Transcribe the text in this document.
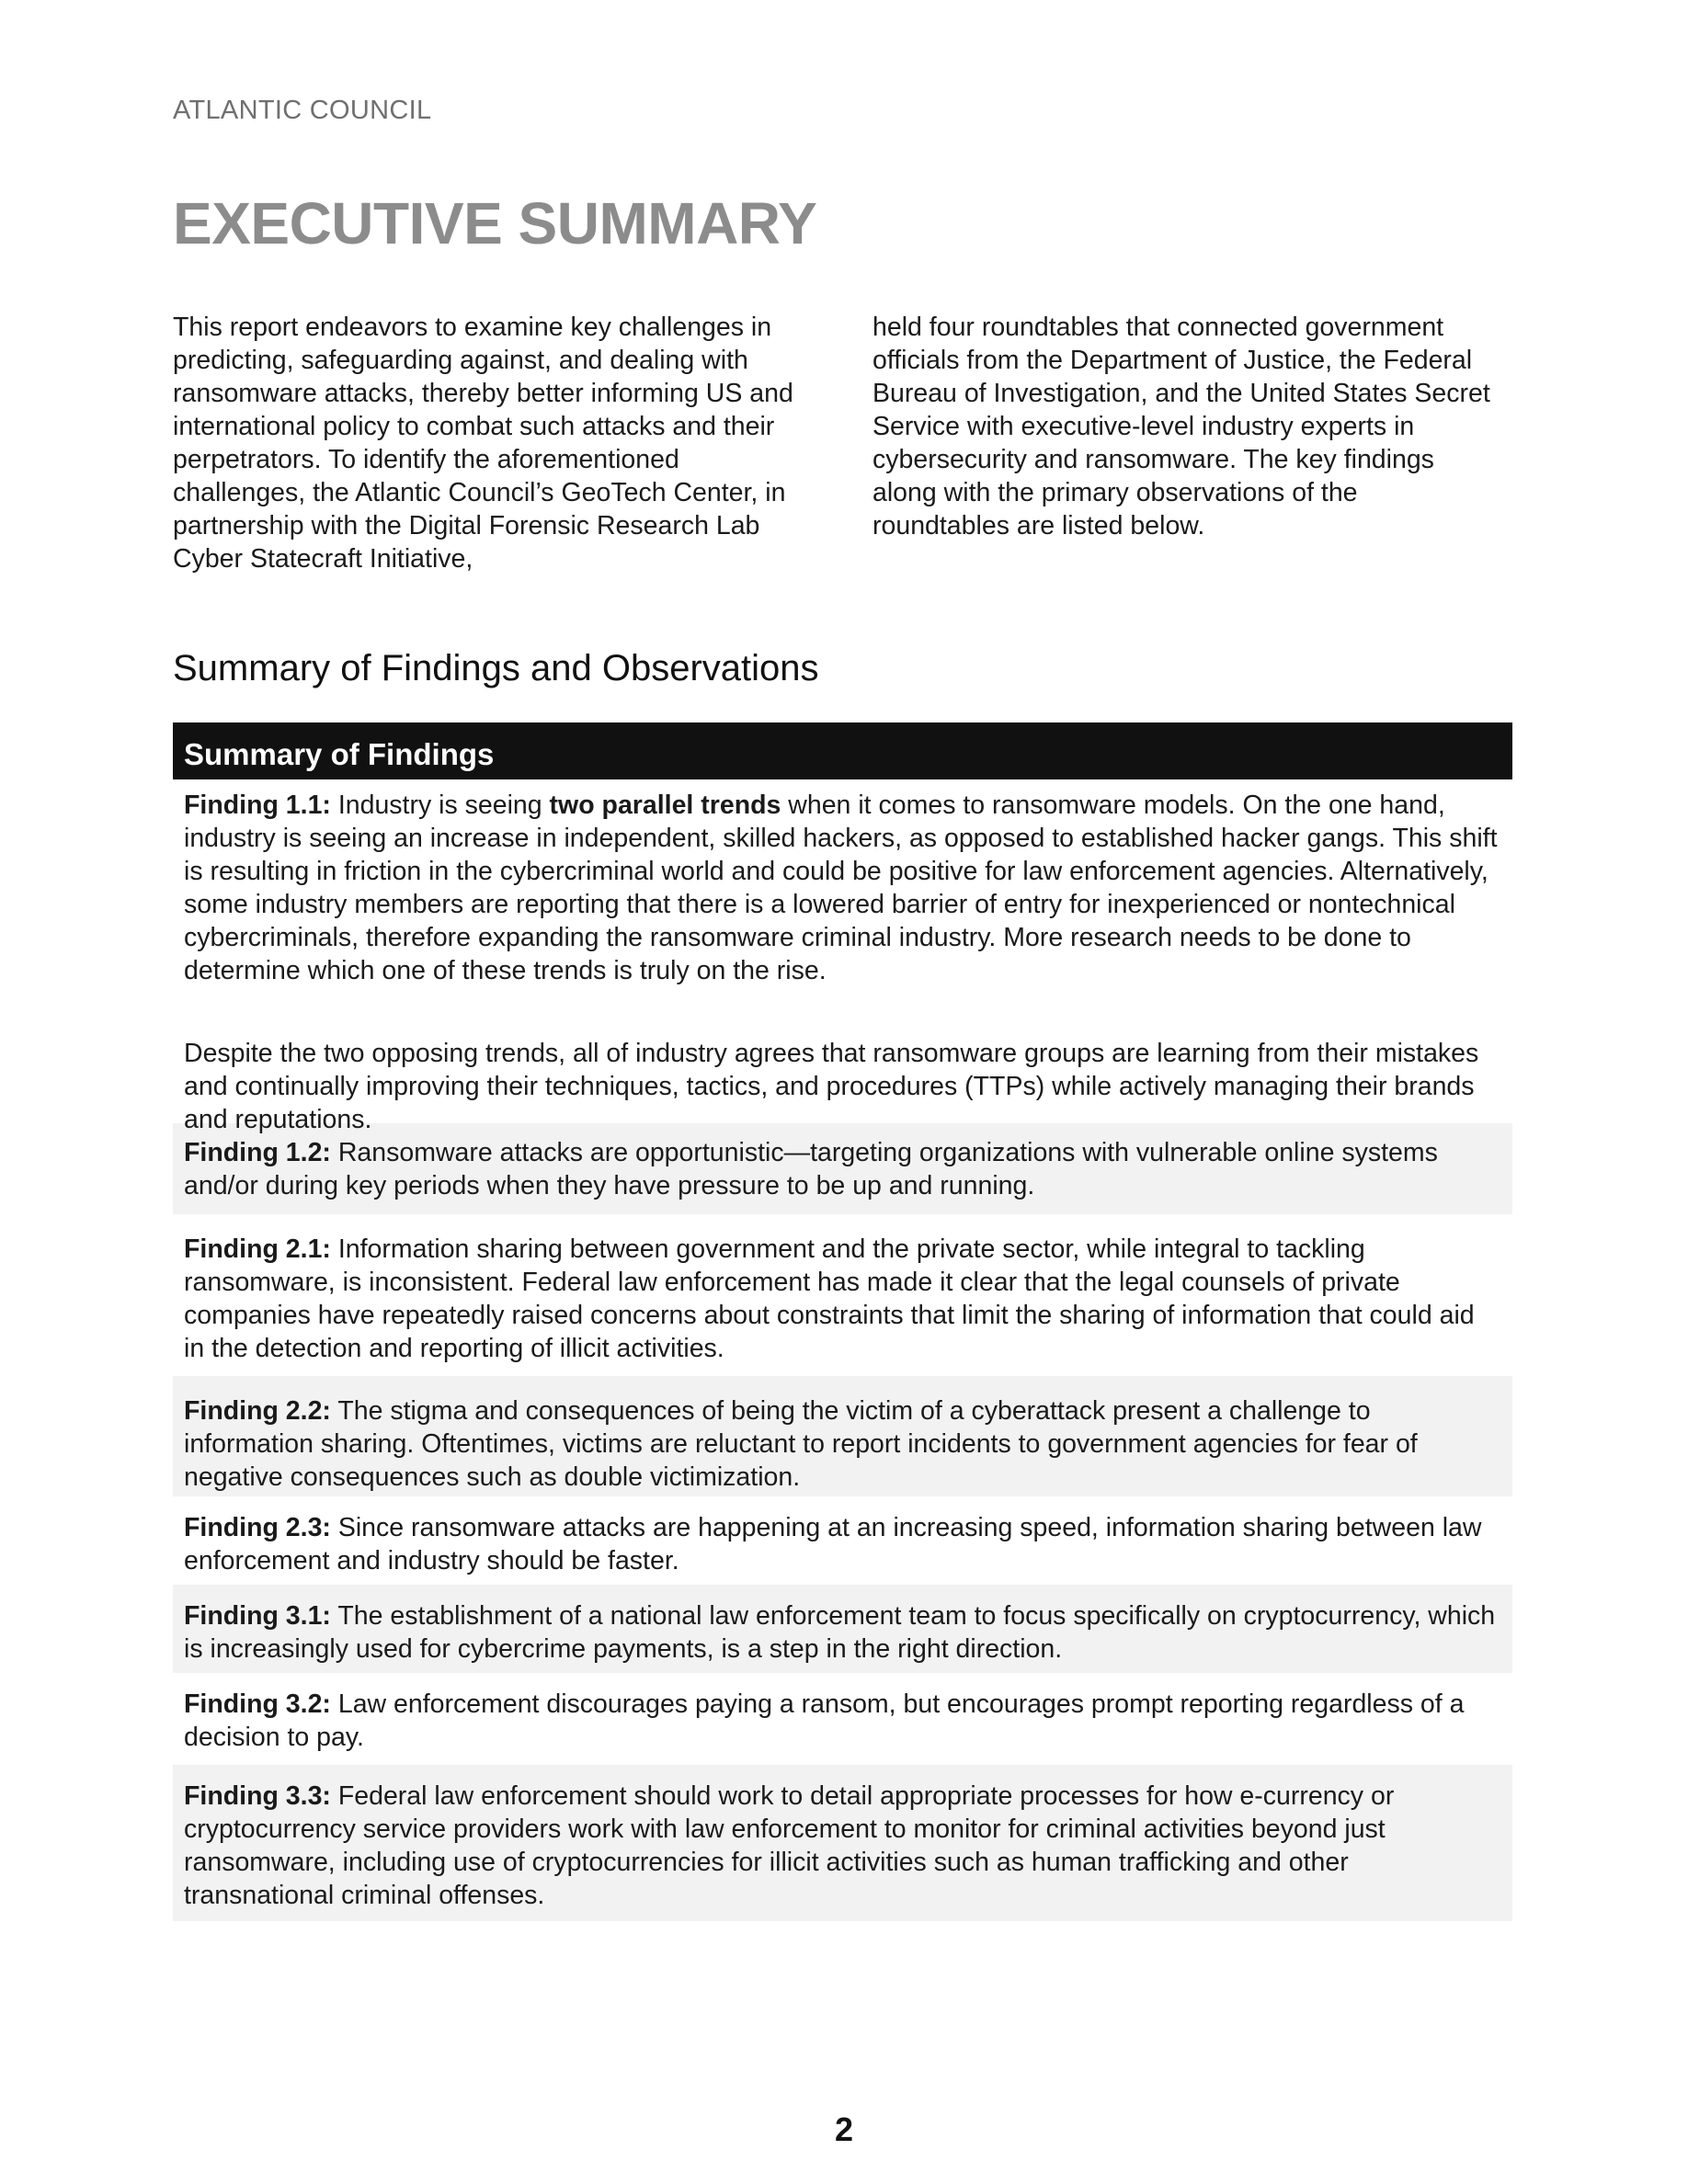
ATLANTIC COUNCIL
EXECUTIVE SUMMARY

This report endeavors to examine key challenges in predicting, safeguarding against, and dealing with ransomware attacks, thereby better informing US and international policy to combat such attacks and their perpetrators. To identify the aforementioned challenges, the Atlantic Council’s GeoTech Center, in partnership with the Digital Forensic Research Lab Cyber Statecraft Initiative,

held four roundtables that connected government officials from the Department of Justice, the Federal Bureau of Investigation, and the United States Secret Service with executive-level industry experts in cybersecurity and ransomware. The key findings along with the primary observations of the roundtables are listed below.

Summary of Findings and Observations
Summary of Findings
Finding 1.1: Industry is seeing two parallel trends when it comes to ransomware models. On the one hand, industry is seeing an increase in independent, skilled hackers, as opposed to established hacker gangs. This shift is resulting in friction in the cybercriminal world and could be positive for law enforcement agencies. Alternatively, some industry members are reporting that there is a lowered barrier of entry for inexperienced or nontechnical cybercriminals, therefore expanding the ransomware criminal industry. More research needs to be done to determine which one of these trends is truly on the rise.
Despite the two opposing trends, all of industry agrees that ransomware groups are learning from their mistakes and continually improving their techniques, tactics, and procedures (TTPs) while actively managing their brands and reputations.
Finding 1.2: Ransomware attacks are opportunistic—targeting organizations with vulnerable online systems and/or during key periods when they have pressure to be up and running.
Finding 2.1: Information sharing between government and the private sector, while integral to tackling ransomware, is inconsistent. Federal law enforcement has made it clear that the legal counsels of private companies have repeatedly raised concerns about constraints that limit the sharing of information that could aid in the detection and reporting of illicit activities.
Finding 2.2: The stigma and consequences of being the victim of a cyberattack present a challenge to information sharing. Oftentimes, victims are reluctant to report incidents to government agencies for fear of negative consequences such as double victimization.
Finding 2.3: Since ransomware attacks are happening at an increasing speed, information sharing between law enforcement and industry should be faster.
Finding 3.1: The establishment of a national law enforcement team to focus specifically on cryptocurrency, which is increasingly used for cybercrime payments, is a step in the right direction.
Finding 3.2: Law enforcement discourages paying a ransom, but encourages prompt reporting regardless of a decision to pay.
Finding 3.3: Federal law enforcement should work to detail appropriate processes for how e-currency or cryptocurrency service providers work with law enforcement to monitor for criminal activities beyond just ransomware, including use of cryptocurrencies for illicit activities such as human trafficking and other transnational criminal offenses.
2
